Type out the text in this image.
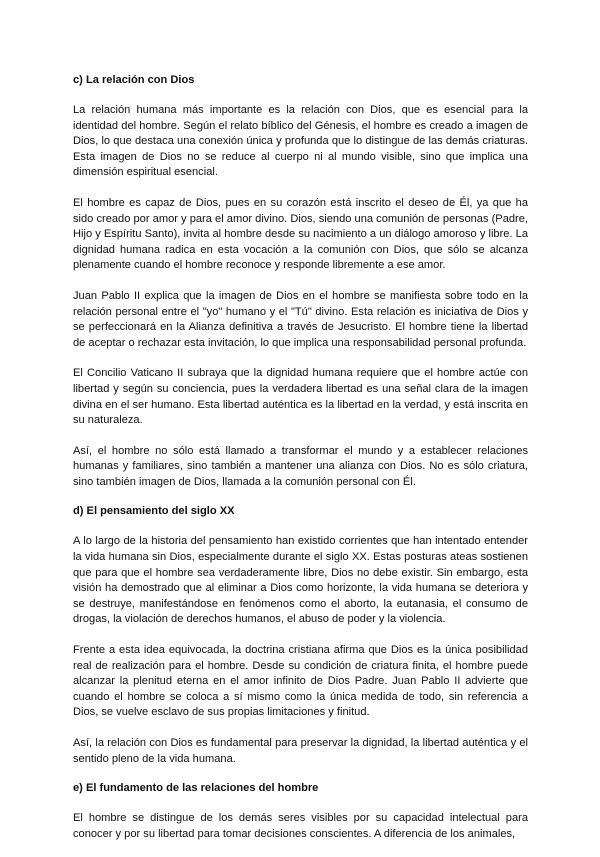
c) La relación con Dios

La relación humana más importante es la relación con Dios, que es esencial para la identidad del hombre. Según el relato bíblico del Génesis, el hombre es creado a imagen de Dios, lo que destaca una conexión única y profunda que lo distingue de las demás criaturas. Esta imagen de Dios no se reduce al cuerpo ni al mundo visible, sino que implica una dimensión espiritual esencial.

El hombre es capaz de Dios, pues en su corazón está inscrito el deseo de Él, ya que ha sido creado por amor y para el amor divino. Dios, siendo una comunión de personas (Padre, Hijo y Espíritu Santo), invita al hombre desde su nacimiento a un diálogo amoroso y libre. La dignidad humana radica en esta vocación a la comunión con Dios, que sólo se alcanza plenamente cuando el hombre reconoce y responde libremente a ese amor.

Juan Pablo II explica que la imagen de Dios en el hombre se manifiesta sobre todo en la relación personal entre el "yo" humano y el "Tú" divino. Esta relación es iniciativa de Dios y se perfeccionará en la Alianza definitiva a través de Jesucristo. El hombre tiene la libertad de aceptar o rechazar esta invitación, lo que implica una responsabilidad personal profunda.

El Concilio Vaticano II subraya que la dignidad humana requiere que el hombre actúe con libertad y según su conciencia, pues la verdadera libertad es una señal clara de la imagen divina en el ser humano. Esta libertad auténtica es la libertad en la verdad, y está inscrita en su naturaleza.

Así, el hombre no sólo está llamado a transformar el mundo y a establecer relaciones humanas y familiares, sino también a mantener una alianza con Dios. No es sólo criatura, sino también imagen de Dios, llamada a la comunión personal con Él.

d) El pensamiento del siglo XX

A lo largo de la historia del pensamiento han existido corrientes que han intentado entender la vida humana sin Dios, especialmente durante el siglo XX. Estas posturas ateas sostienen que para que el hombre sea verdaderamente libre, Dios no debe existir. Sin embargo, esta visión ha demostrado que al eliminar a Dios como horizonte, la vida humana se deteriora y se destruye, manifestándose en fenómenos como el aborto, la eutanasia, el consumo de drogas, la violación de derechos humanos, el abuso de poder y la violencia.

Frente a esta idea equivocada, la doctrina cristiana afirma que Dios es la única posibilidad real de realización para el hombre. Desde su condición de criatura finita, el hombre puede alcanzar la plenitud eterna en el amor infinito de Dios Padre. Juan Pablo II advierte que cuando el hombre se coloca a sí mismo como la única medida de todo, sin referencia a Dios, se vuelve esclavo de sus propias limitaciones y finitud.

Así, la relación con Dios es fundamental para preservar la dignidad, la libertad auténtica y el sentido pleno de la vida humana.

e) El fundamento de las relaciones del hombre

El hombre se distingue de los demás seres visibles por su capacidad intelectual para conocer y por su libertad para tomar decisiones conscientes. A diferencia de los animales,
